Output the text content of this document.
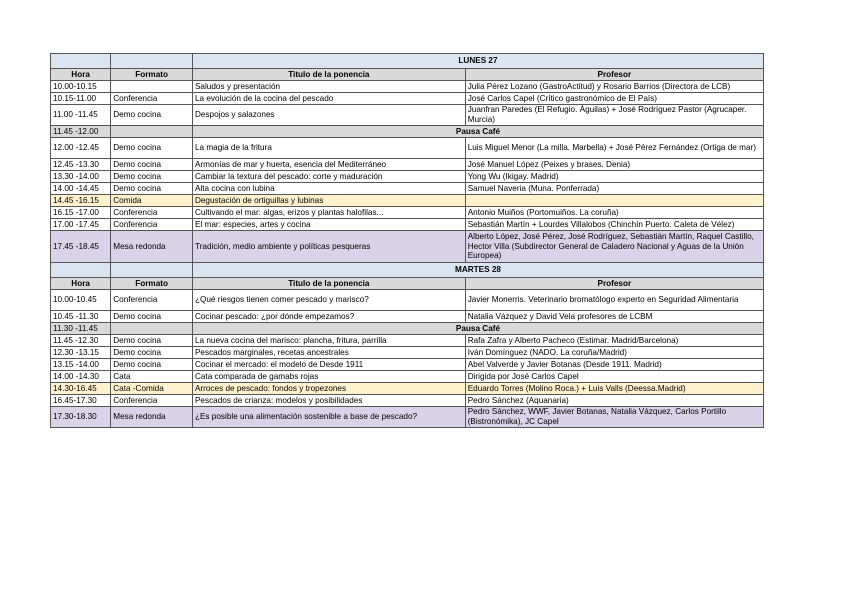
		LUNES 27	
Hora	Formato	Titulo de la ponencia	Profesor
10.00-10.15		Saludos y presentación	Julia Pérez Lozano (GastroActitud) y Rosario Barrios (Directora de LCB)
10.15-11.00	Conferencia	La evolución de la cocina del pescado	José Carlos Capel (Crítico gastronómico de El País)
11.00 -11.45	Demo cocina	Despojos y salazones	Juanfran Paredes (El Refugio. Águilas) + José Rodríguez Pastor (Agrucaper. Murcia)
11.45 -12.00		Pausa Café	
12.00 -12.45	Demo cocina	La magia de la fritura	Luis Miguel Menor (La milla. Marbella) + José Pérez Fernández (Ortiga de mar)
12.45 -13.30	Demo cocina	Armonías de mar y huerta, esencia del Mediterráneo	José Manuel López (Peixes y brases. Denia)
13.30 -14.00	Demo cocina	Cambiar la textura del pescado: corte y maduración	Yong Wu (Ikigay. Madrid)
14.00 -14.45	Demo cocina	Alta cocina con lubina	Samuel Naveria (Muna. Ponferrada)
14.45 -16.15	Comida	Degustación de ortiguillas y lubinas	
16.15 -17.00	Conferencia	Cultivando el mar: algas, erizos y plantas halofilas...	Antonio Muiños (Portomuiños. La coruña)
17.00 -17.45	Conferencia	El mar: especies, artes y cocina	Sebastián Martín + Lourdes Villalobos (Chinchín Puerto. Caleta de Vélez)
17.45 -18.45	Mesa redonda	Tradición, medio ambiente y políticas pesqueras	Alberto López, José Pérez, José Rodríguez, Sebastián Martín, Raquel Castillo, Hector Villa (Subdirector General de Caladero Nacional y Aguas de la Unión Europea)
		MARTES 28	
Hora	Formato	Titulo de la ponencia	Profesor
10.00-10.45	Conferencia	¿Qué riesgos tienen comer pescado y marisco?	Javier Monerris. Veterinario bromatólogo experto en Seguridad Alimentaria
10.45 -11.30	Demo cocina	Cocinar pescado: ¿por dónde empezamos?	Natalia Vázquez y David Vela profesores de LCBM
11.30 -11.45		Pausa Café	
11.45 -12.30	Demo cocina	La nueva cocina del marisco: plancha, fritura, parrilla	Rafa Zafra y Alberto Pacheco (Estimar. Madrid/Barcelona)
12.30 -13.15	Demo cocina	Pescados marginales, recetas ancestrales	Iván Domínguez (NADO. La coruña/Madrid)
13.15 -14.00	Demo cocina	Cocinar el mercado: el modelo de Desde 1911	Abel Valverde y Javier Botanas (Desde 1911. Madrid)
14.00 -14.30	Cata	Cata comparada de gamabs rojas	Dirigida por José Carlos Capel
14.30-16.45	Cata -Comida	Arroces de pescado: fondos y tropezones	Eduardo Torres (Molino Roca.) + Luis Valls (Deessa.Madrid)
16.45-17.30	Conferencia	Pescados de crianza: modelos y posibilidades	Pedro Sánchez (Aquanaria)
17.30-18.30	Mesa redonda	¿Es posible una alimentación sostenible a base de pescado?	Pedro Sánchez, WWF, Javier Botanas, Natalia Vázquez, Carlos Portillo (Bistronómika), JC Capel
